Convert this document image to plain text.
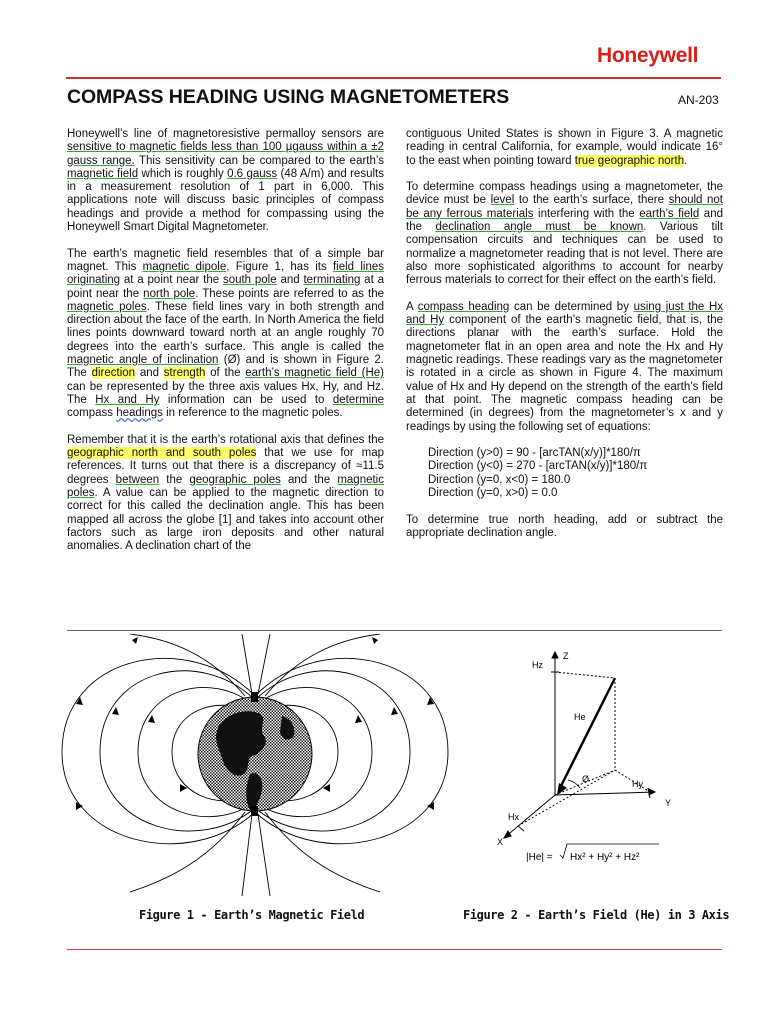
Honeywell
COMPASS HEADING USING MAGNETOMETERS	AN-203

Honeywell’s line of magnetoresistive permalloy sensors are sensitive to magnetic fields less than 100 µgauss within a ±2 gauss range. This sensitivity can be compared to the earth’s magnetic field which is roughly 0.6 gauss (48 A/m) and results in a measurement resolution of 1 part in 6,000. This applications note will discuss basic principles of compass headings and provide a method for compassing using the Honeywell Smart Digital Magnetometer.

The earth’s magnetic field resembles that of a simple bar magnet. This magnetic dipole, Figure 1, has its field lines originating at a point near the south pole and terminating at a point near the north pole. These points are referred to as the magnetic poles. These field lines vary in both strength and direction about the face of the earth. In North America the field lines points downward toward north at an angle roughly 70 degrees into the earth’s surface. This angle is called the magnetic angle of inclination (Ø) and is shown in Figure 2. The direction and strength of the earth’s magnetic field (He) can be represented by the three axis values Hx, Hy, and Hz. The Hx and Hy information can be used to determine compass headings in reference to the magnetic poles.

Remember that it is the earth’s rotational axis that defines the geographic north and south poles that we use for map references. It turns out that there is a discrepancy of ≈11.5 degrees between the geographic poles and the magnetic poles. A value can be applied to the magnetic direction to correct for this called the declination angle. This has been mapped all across the globe [1] and takes into account other factors such as large iron deposits and other natural anomalies. A declination chart of the

contiguous United States is shown in Figure 3. A magnetic reading in central California, for example, would indicate 16° to the east when pointing toward true geographic north.

To determine compass headings using a magnetometer, the device must be level to the earth’s surface, there should not be any ferrous materials interfering with the earth’s field and the declination angle must be known. Various tilt compensation circuits and techniques can be used to normalize a magnetometer reading that is not level. There are also more sophisticated algorithms to account for nearby ferrous materials to correct for their effect on the earth’s field.

A compass heading can be determined by using just the Hx and Hy component of the earth’s magnetic field, that is, the directions planar with the earth’s surface. Hold the magnetometer flat in an open area and note the Hx and Hy magnetic readings. These readings vary as the magnetometer is rotated in a circle as shown in Figure 4. The maximum value of Hx and Hy depend on the strength of the earth’s field at that point. The magnetic compass heading can be determined (in degrees) from the magnetometer’s x and y readings by using the following set of equations:

Direction (y>0) = 90 - [arcTAN(x/y)]*180/π
Direction (y<0) = 270 - [arcTAN(x/y)]*180/π
Direction (y=0, x<0) = 180.0
Direction (y=0, x>0) = 0.0

To determine true north heading, add or subtract the appropriate declination angle.

Z
Hz
He
Ø	Hy
Y
Hx
X
|He| = Hx² + Hy² + Hz²
Figure 1 - Earth’s Magnetic Field	Figure 2 - Earth’s Field (He) in 3 Axis
